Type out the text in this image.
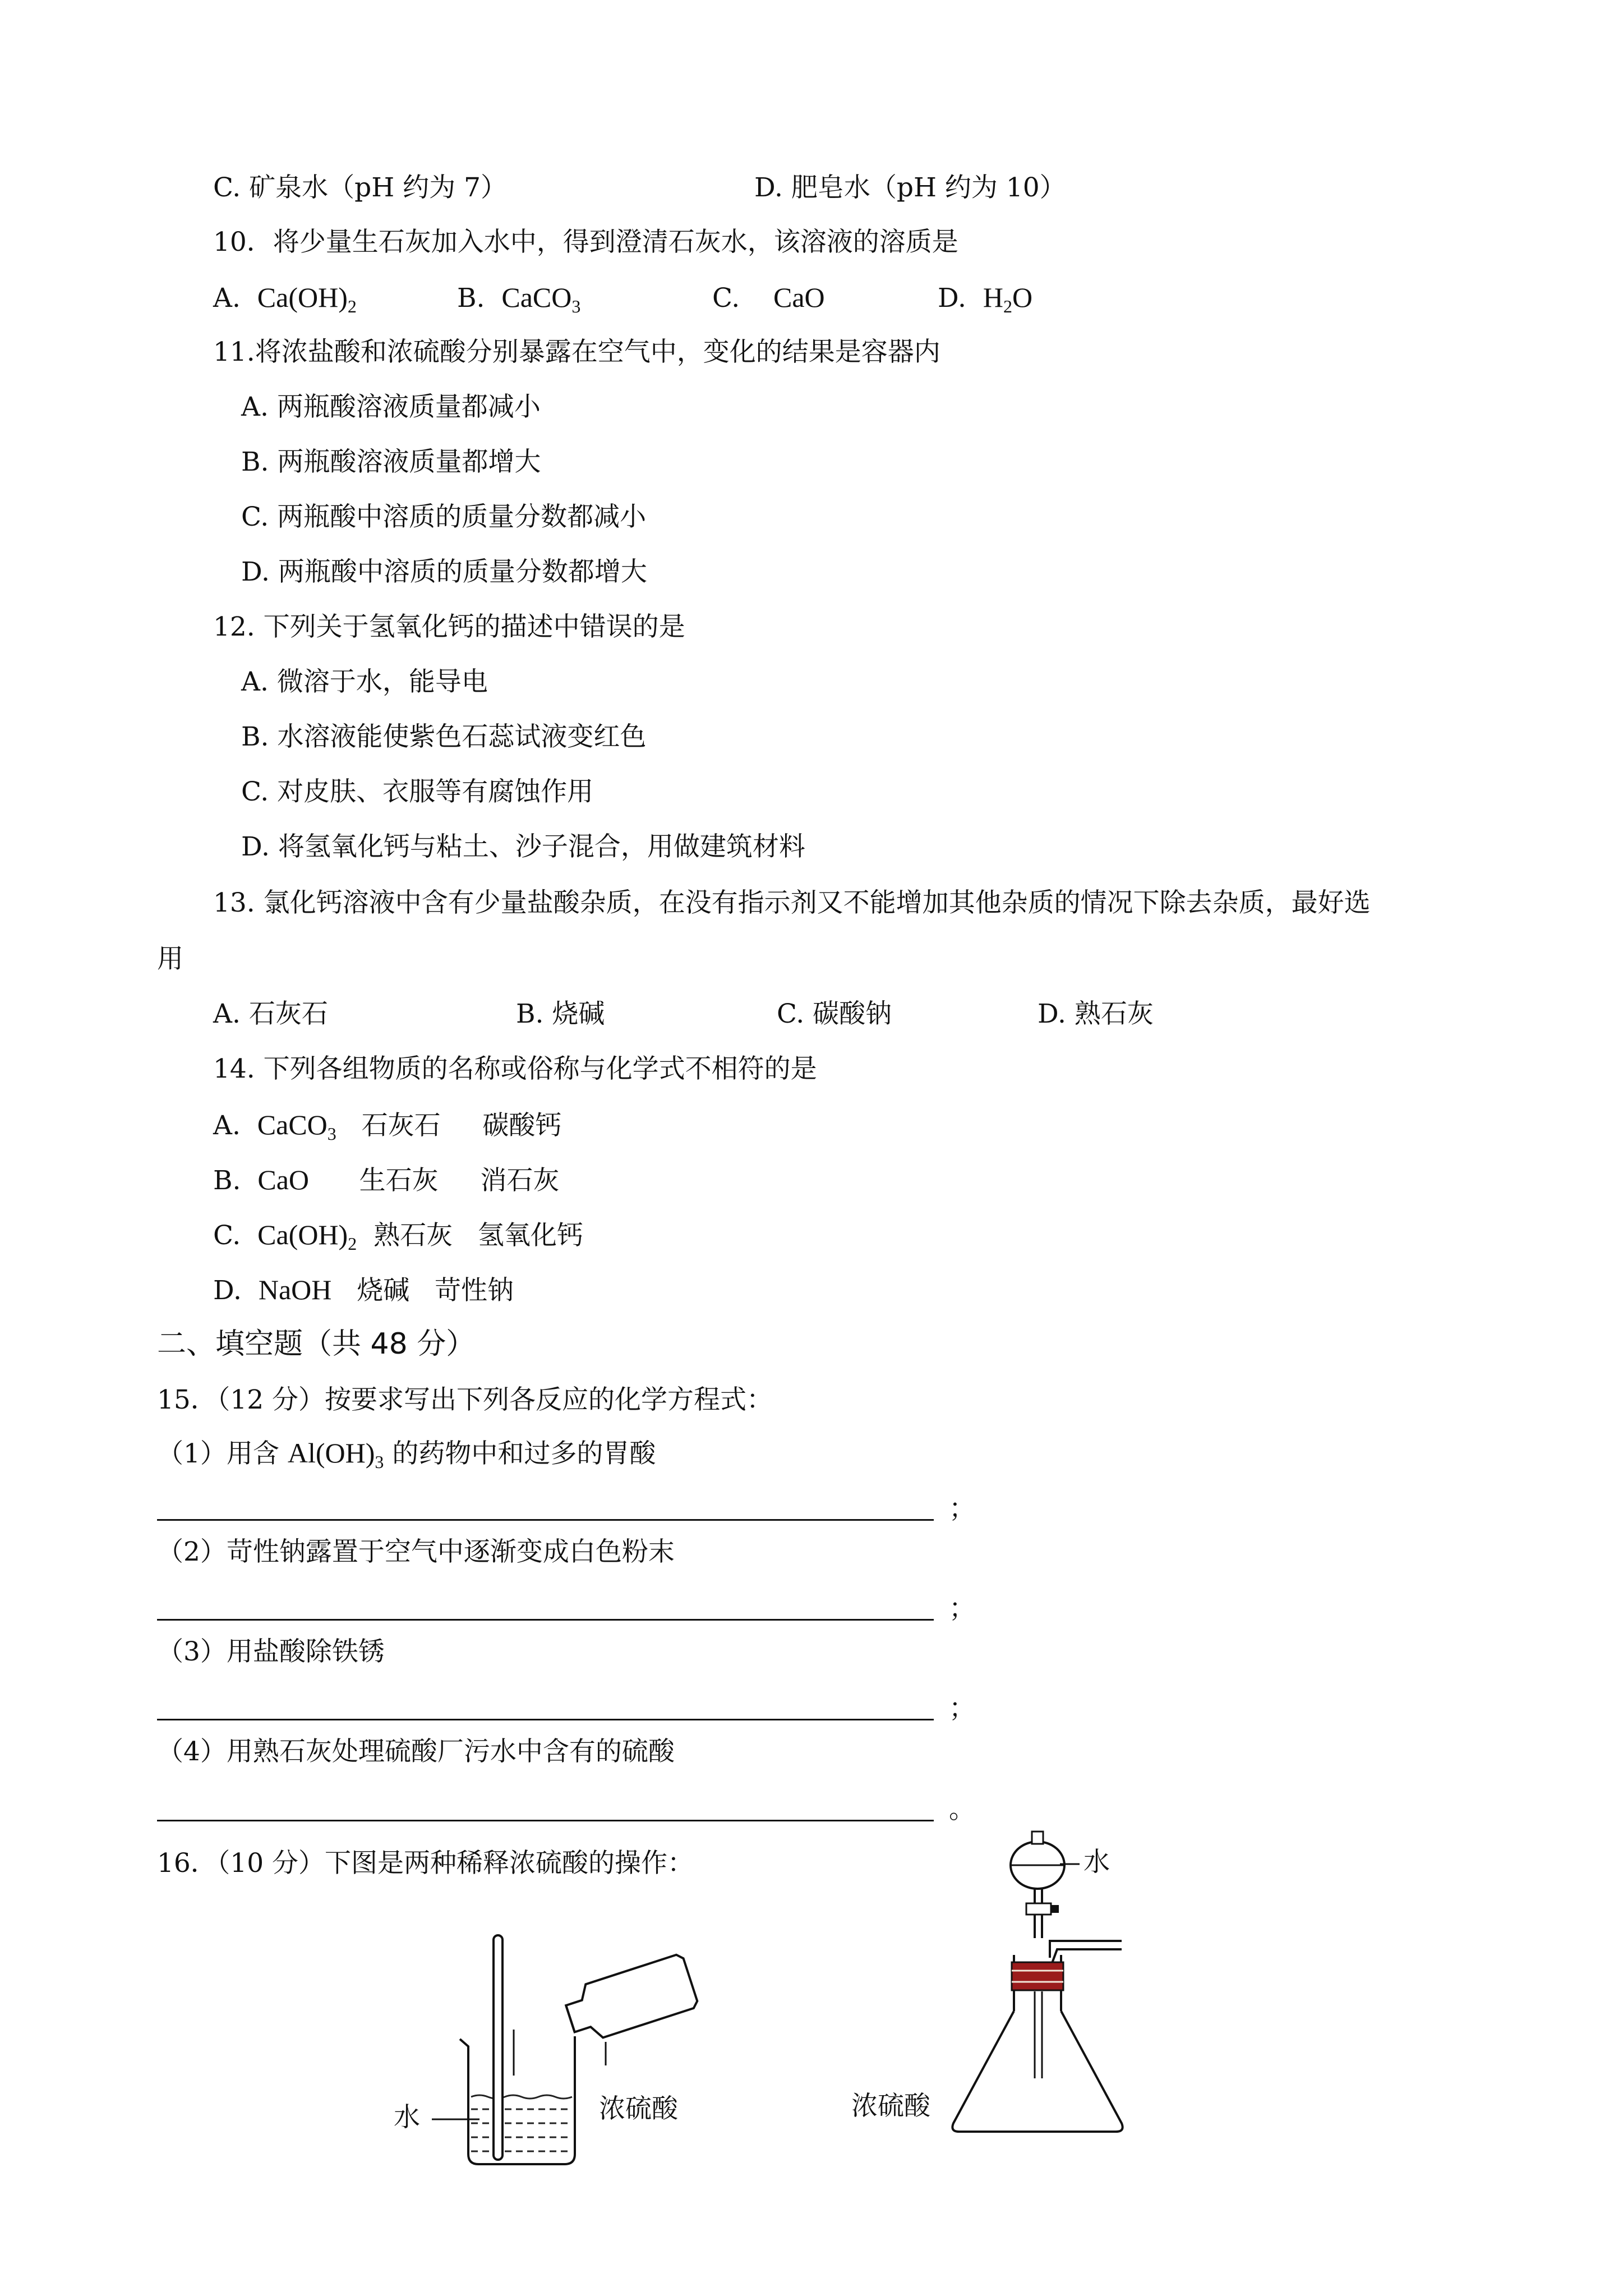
C. 矿泉水（pH 约为 7）	D. 肥皂水（pH 约为 10）
10．将少量生石灰加入水中，得到澄清石灰水，该溶液的溶质是
A. $Ca(OH)_2$	B. CaCO$_3$	C. CaO	D. $H_2O$
11.将浓盐酸和浓硫酸分别暴露在空气中，变化的结果是容器内
A. 两瓶酸溶液质量都减小
B. 两瓶酸溶液质量都增大
C. 两瓶酸中溶质的质量分数都减小
D. 两瓶酸中溶质的质量分数都增大
12. 下列关于氢氧化钙的描述中错误的是
A. 微溶于水，能导电
B. 水溶液能使紫色石蕊试液变红色
C. 对皮肤、衣服等有腐蚀作用
D. 将氢氧化钙与粘土、沙子混合，用做建筑材料
13. 氯化钙溶液中含有少量盐酸杂质，在没有指示剂又不能增加其他杂质的情况下除去杂质，最好选
用
A. 石灰石	B. 烧碱	C. 碳酸钠	D. 熟石灰
14. 下列各组物质的名称或俗称与化学式不相符的是
A. CaCO$_3$ 石灰石 碳酸钙
B. CaO 生石灰 消石灰
C. $Ca(OH)_2$ 熟石灰 氢氧化钙
D. NaOH 烧碱 苛性钠
二、填空题（共 48 分）
15．（12 分）按要求写出下列各反应的化学方程式：
（1）用含 $Al(OH)_3$ 的药物中和过多的胃酸
；
（2）苛性钠露置于空气中逐渐变成白色粉末
；
（3）用盐酸除铁锈
；
（4）用熟石灰处理硫酸厂污水中含有的硫酸
。
16．（10 分）下图是两种稀释浓硫酸的操作：
水	浓硫酸
水
浓硫酸
